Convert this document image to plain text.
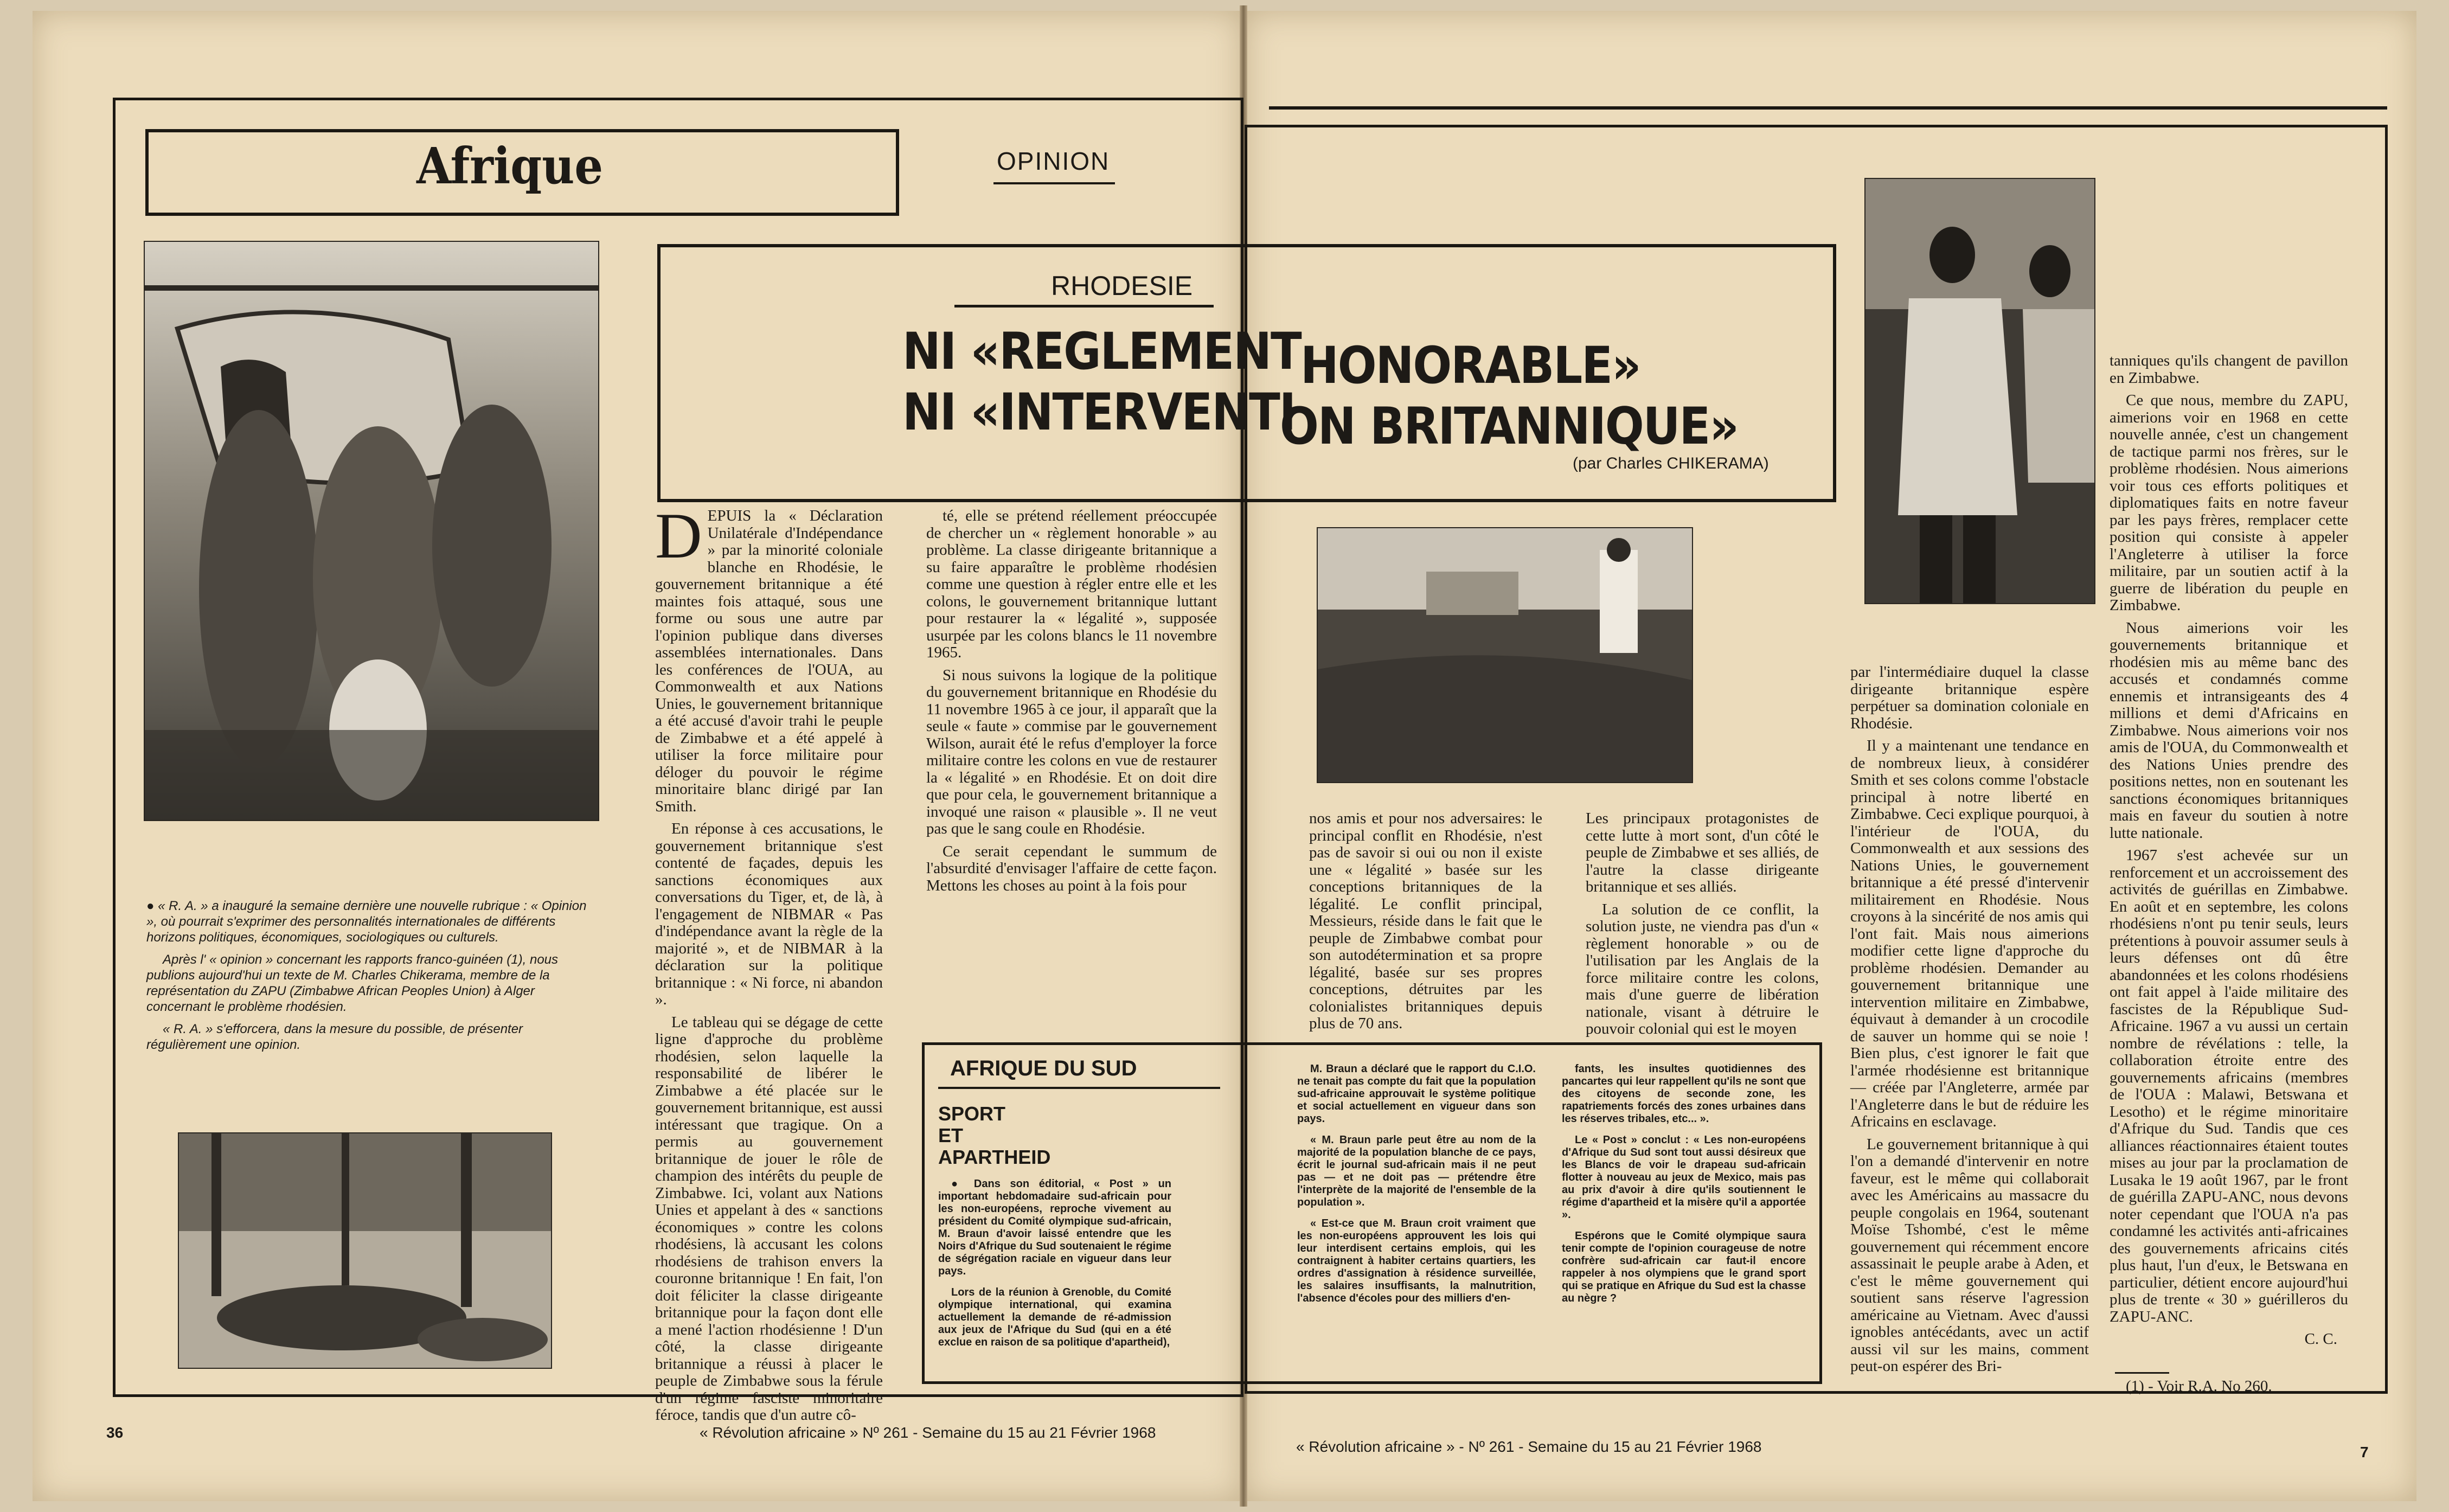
Afrique	OPINION
RHODESIE
NI «REGLEMENT
NI «INTERVENTI
HONORABLE»
ON BRITANNIQUE»
(par Charles CHIKERAMA)

● « R. A. » a inauguré la semaine dernière une nouvelle rubrique : « Opinion », où pourrait s'exprimer des personnalités internationales de différents horizons politiques, économiques, sociologiques ou culturels.

Après l' « opinion » concernant les rapports franco-guinéen (1), nous publions aujourd'hui un texte de M. Charles Chikerama, membre de la représentation du ZAPU (Zimbabwe African Peoples Union) à Alger concernant le problème rhodésien.

« R. A. » s'efforcera, dans la mesure du possible, de présenter régulièrement une opinion.

D EPUIS la « Déclaration Unilatérale d'Indépendance » par la minorité coloniale blanche en Rhodésie, le gouvernement britannique a été maintes fois attaqué, sous une forme ou sous une autre par l'opinion publique dans diverses assemblées internationales. Dans les conférences de l'OUA, au Commonwealth et aux Nations Unies, le gouvernement britannique a été accusé d'avoir trahi le peuple de Zimbabwe et a été appelé à utiliser la force militaire pour déloger du pouvoir le régime minoritaire blanc dirigé par Ian Smith.

En réponse à ces accusations, le gouvernement britannique s'est contenté de façades, depuis les sanctions économiques aux conversations du Tiger, et, de là, à l'engagement de NIBMAR « Pas d'indépendance avant la règle de la majorité », et de NIBMAR à la déclaration sur la politique britannique : « Ni force, ni abandon ».

Le tableau qui se dégage de cette ligne d'approche du problème rhodésien, selon laquelle la responsabilité de libérer le Zimbabwe a été placée sur le gouvernement britannique, est aussi intéressant que tragique. On a permis au gouvernement britannique de jouer le rôle de champion des intérêts du peuple de Zimbabwe. Ici, volant aux Nations Unies et appelant à des « sanctions économiques » contre les colons rhodésiens, là accusant les colons rhodésiens de trahison envers la couronne britannique ! En fait, l'on doit féliciter la classe dirigeante britannique pour la façon dont elle a mené l'action rhodésienne ! D'un côté, la classe dirigeante britannique a réussi à placer le peuple de Zimbabwe sous la férule d'un régime fasciste minoritaire féroce, tandis que d'un autre cô-

té, elle se prétend réellement préoccupée de chercher un « règlement honorable » au problème. La classe dirigeante britannique a su faire apparaître le problème rhodésien comme une question à régler entre elle et les colons, le gouvernement britannique luttant pour restaurer la « légalité », supposée usurpée par les colons blancs le 11 novembre 1965.

Si nous suivons la logique de la politique du gouvernement britannique en Rhodésie du 11 novembre 1965 à ce jour, il apparaît que la seule « faute » commise par le gouvernement Wilson, aurait été le refus d'employer la force militaire contre les colons en vue de restaurer la « légalité » en Rhodésie. Et on doit dire que pour cela, le gouvernement britannique a invoqué une raison « plausible ». Il ne veut pas que le sang coule en Rhodésie.

Ce serait cependant le summum de l'absurdité d'envisager l'affaire de cette façon. Mettons les choses au point à la fois pour

AFRIQUE DU SUD
SPORT
ET
APARTHEID

● Dans son éditorial, « Post » un important hebdomadaire sud-africain pour les non-européens, reproche vivement au président du Comité olympique sud-africain, M. Braun d'avoir laissé entendre que les Noirs d'Afrique du Sud soutenaient le régime de ségrégation raciale en vigueur dans leur pays.

Lors de la réunion à Grenoble, du Comité olympique international, qui examina actuellement la demande de ré-admission aux jeux de l'Afrique du Sud (qui en a été exclue en raison de sa politique d'apartheid),

M. Braun a déclaré que le rapport du C.I.O. ne tenait pas compte du fait que la population sud-africaine approuvait le système politique et social actuellement en vigueur dans son pays.

« M. Braun parle peut être au nom de la majorité de la population blanche de ce pays, écrit le journal sud-africain mais il ne peut pas — et ne doit pas — prétendre être l'interprète de la majorité de l'ensemble de la population ».

« Est-ce que M. Braun croit vraiment que les non-européens approuvent les lois qui leur interdisent certains emplois, qui les contraignent à habiter certains quartiers, les ordres d'assignation à résidence surveillée, les salaires insuffisants, la malnutrition, l'absence d'écoles pour des milliers d'en-

fants, les insultes quotidiennes des pancartes qui leur rappellent qu'ils ne sont que des citoyens de seconde zone, les rapatriements forcés des zones urbaines dans les réserves tribales, etc... ».

Le « Post » conclut : « Les non-européens d'Afrique du Sud sont tout aussi désireux que les Blancs de voir le drapeau sud-africain flotter à nouveau au jeux de Mexico, mais pas au prix d'avoir à dire qu'ils soutiennent le régime d'apartheid et la misère qu'il a apportée ».

Espérons que le Comité olympique saura tenir compte de l'opinion courageuse de notre confrère sud-africain car faut-il encore rappeler à nos olympiens que le grand sport qui se pratique en Afrique du Sud est la chasse au nègre ?

nos amis et pour nos adversaires: le principal conflit en Rhodésie, n'est pas de savoir si oui ou non il existe une « légalité » basée sur les conceptions britanniques de la légalité. Le conflit principal, Messieurs, réside dans le fait que le peuple de Zimbabwe combat pour son autodétermination et sa propre légalité, basée sur ses propres conceptions, détruites par les colonialistes britanniques depuis plus de 70 ans.

Les principaux protagonistes de cette lutte à mort sont, d'un côté le peuple de Zimbabwe et ses alliés, de l'autre la classe dirigeante britannique et ses alliés.

La solution de ce conflit, la solution juste, ne viendra pas d'un « règlement honorable » ou de l'utilisation par les Anglais de la force militaire contre les colons, mais d'une guerre de libération nationale, visant à détruire le pouvoir colonial qui est le moyen

par l'intermédiaire duquel la classe dirigeante britannique espère perpétuer sa domination coloniale en Rhodésie.

Il y a maintenant une tendance en de nombreux lieux, à considérer Smith et ses colons comme l'obstacle principal à notre liberté en Zimbabwe. Ceci explique pourquoi, à l'intérieur de l'OUA, du Commonwealth et aux sessions des Nations Unies, le gouvernement britannique a été pressé d'intervenir militairement en Rhodésie. Nous croyons à la sincérité de nos amis qui l'ont fait. Mais nous aimerions modifier cette ligne d'approche du problème rhodésien. Demander au gouvernement britannique une intervention militaire en Zimbabwe, équivaut à demander à un crocodile de sauver un homme qui se noie ! Bien plus, c'est ignorer le fait que l'armée rhodésienne est britannique — créée par l'Angleterre, armée par l'Angleterre dans le but de réduire les Africains en esclavage.

Le gouvernement britannique à qui l'on a demandé d'intervenir en notre faveur, est le même qui collaborait avec les Américains au massacre du peuple congolais en 1964, soutenant Moïse Tshombé, c'est le même gouvernement qui récemment encore assassinait le peuple arabe à Aden, et c'est le même gouvernement qui soutient sans réserve l'agression américaine au Vietnam. Avec d'aussi ignobles antécédants, avec un actif aussi vil sur les mains, comment peut-on espérer des Bri-

tanniques qu'ils changent de pavillon en Zimbabwe.

Ce que nous, membre du ZAPU, aimerions voir en 1968 en cette nouvelle année, c'est un changement de tactique parmi nos frères, sur le problème rhodésien. Nous aimerions voir tous ces efforts politiques et diplomatiques faits en notre faveur par les pays frères, remplacer cette position qui consiste à appeler l'Angleterre à utiliser la force militaire, par un soutien actif à la guerre de libération du peuple en Zimbabwe.

Nous aimerions voir les gouvernements britannique et rhodésien mis au même banc des accusés et condamnés comme ennemis et intransigeants des 4 millions et demi d'Africains en Zimbabwe. Nous aimerions voir nos amis de l'OUA, du Commonwealth et des Nations Unies prendre des positions nettes, non en soutenant les sanctions économiques britanniques mais en faveur du soutien à notre lutte nationale.

1967 s'est achevée sur un renforcement et un accroissement des activités de guérillas en Zimbabwe. En août et en septembre, les colons rhodésiens n'ont pu tenir seuls, leurs prétentions à pouvoir assumer seuls à leurs défenses ont dû être abandonnées et les colons rhodésiens ont fait appel à l'aide militaire des fascistes de la République Sud-Africaine. 1967 a vu aussi un certain nombre de révélations : telle, la collaboration étroite entre des gouvernements africains (membres de l'OUA : Malawi, Betswana et Lesotho) et le régime minoritaire d'Afrique du Sud. Tandis que ces alliances réactionnaires étaient toutes mises au jour par la proclamation de Lusaka le 19 août 1967, par le front de guérilla ZAPU-ANC, nous devons noter cependant que l'OUA n'a pas condamné les activités anti-africaines des gouvernements africains cités plus haut, l'un d'eux, le Betswana en particulier, détient encore aujourd'hui plus de trente « 30 » guérilleros du ZAPU-ANC.

C. C.
(1) - Voir R.A. No 260.
36	« Révolution africaine » Nº 261 - Semaine du 15 au 21 Février 1968
« Révolution africaine » - Nº 261 - Semaine du 15 au 21 Février 1968	7
